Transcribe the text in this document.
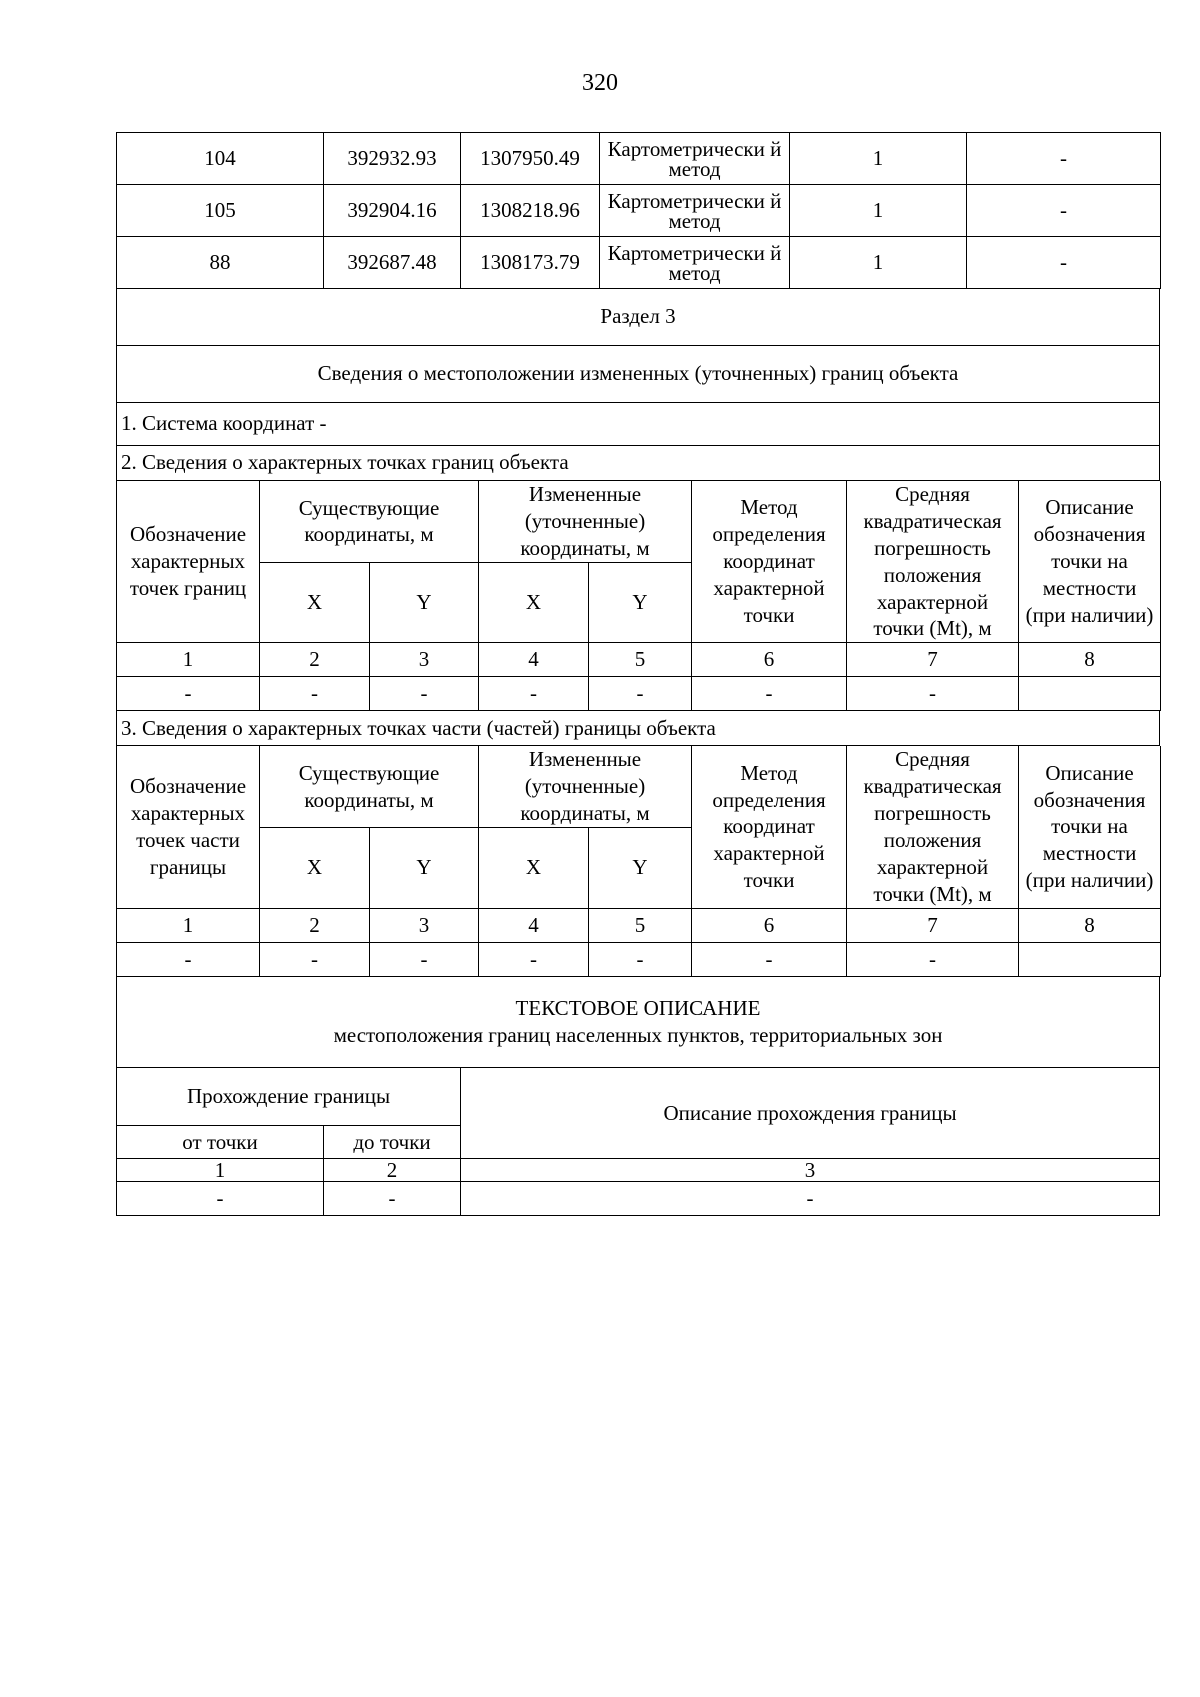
320
104	392932.93	1307950.49	Картометрически й метод	1	-
105	392904.16	1308218.96	Картометрически й метод	1	-
88	392687.48	1308173.79	Картометрически й метод	1	-
Раздел 3
Сведения о местоположении измененных (уточненных) границ объекта
1. Система координат -
2. Сведения о характерных точках границ объекта
Обозначение характерных точек границ	Существующие координаты, м		Измененные (уточненные) координаты, м		Метод определения координат характерной точки	Средняя квадратическая погрешность положения характерной точки (Mt), м	Описание обозначения точки на местности (при наличии)
	X	Y	X	Y			
1	2	3	4	5	6	7	8
-	-	-	-	-	-	-	
3. Сведения о характерных точках части (частей) границы объекта
Обозначение характерных точек части границы	Существующие координаты, м		Измененные (уточненные) координаты, м		Метод определения координат характерной точки	Средняя квадратическая погрешность положения характерной точки (Mt), м	Описание обозначения точки на местности (при наличии)
	X	Y	X	Y			
1	2	3	4	5	6	7	8
-	-	-	-	-	-	-	
ТЕКСТОВОЕ ОПИСАНИЕ
местоположения границ населенных пунктов, территориальных зон
Прохождение границы		Описание прохождения границы
от точки	до точки	
1	2	3
-	-	-
